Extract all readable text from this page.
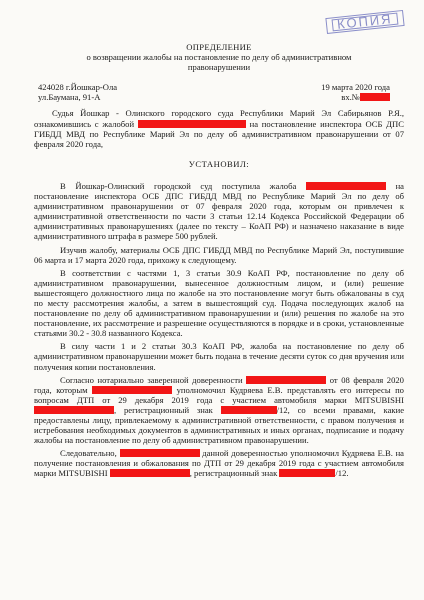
КОПИЯ
ОПРЕДЕЛЕНИЕ
о возвращении жалобы на постановление по делу об административном правонарушении
424028 г.Йошкар-Ола
ул.Баумана, 91-А
19 марта 2020 года
вх.№
Судья Йошкар - Олинского городского суда Республики Марий Эл Сабирьянов Р.Я., ознакомившись с жалобой	на постановление инспектора ОСБ ДПС ГИБДД МВД по Республике Марий Эл по делу об административном правонарушении от 07 февраля 2020 года,
УСТАНОВИЛ:

В Йошкар-Олинский городской суд поступила жалоба	на постановление инспектора ОСБ ДПС ГИБДД МВД по Республике Марий Эл по делу об административном правонарушении от 07 февраля 2020 года, которым он привлечен к административной ответственности по части 3 статьи 12.14 Кодекса Российской Федерации об административных правонарушениях (далее по тексту – КоАП РФ) и назначено наказание в виде административного штрафа в размере 500 рублей.

Изучив жалобу, материалы ОСБ ДПС ГИБДД МВД по Республике Марий Эл, поступившие 06 марта и 17 марта 2020 года, прихожу к следующему.

В соответствии с частями 1, 3 статьи 30.9 КоАП РФ, постановление по делу об административном правонарушении, вынесенное должностным лицом, и (или) решение вышестоящего должностного лица по жалобе на это постановление могут быть обжалованы в суд по месту рассмотрения жалобы, а затем в вышестоящий суд. Подача последующих жалоб на постановление по делу об административном правонарушении и (или) решения по жалобе на это постановление, их рассмотрение и разрешение осуществляются в порядке и в сроки, установленные статьями 30.2 - 30.8 названного Кодекса.

В силу части 1 и 2 статьи 30.3 КоАП РФ, жалоба на постановление по делу об административном правонарушении может быть подана в течение десяти суток со дня вручения или получения копии постановления.

Согласно нотариально заверенной доверенности	от 08 февраля 2020 года, которым	уполномочил Кудряева Е.В. представлять его интересы по вопросам ДТП от 29 декабря 2019 года с участием автомобиля марки MITSUBISHI , регистрационный знак	/12, со всеми правами, какие предоставлены лицу, привлекаемому к административной ответственности, с правом получения и истребования необходимых документов в административных и иных органах, подписание и подачу жалобы на постановление по делу об административном правонарушении.

Следовательно,	данной доверенностью уполномочил Кудряева Е.В. на получение постановления и обжалования по ДТП от 29 декабря 2019 года с участием автомобиля марки MITSUBISHI	, регистрационный знак	/12.
